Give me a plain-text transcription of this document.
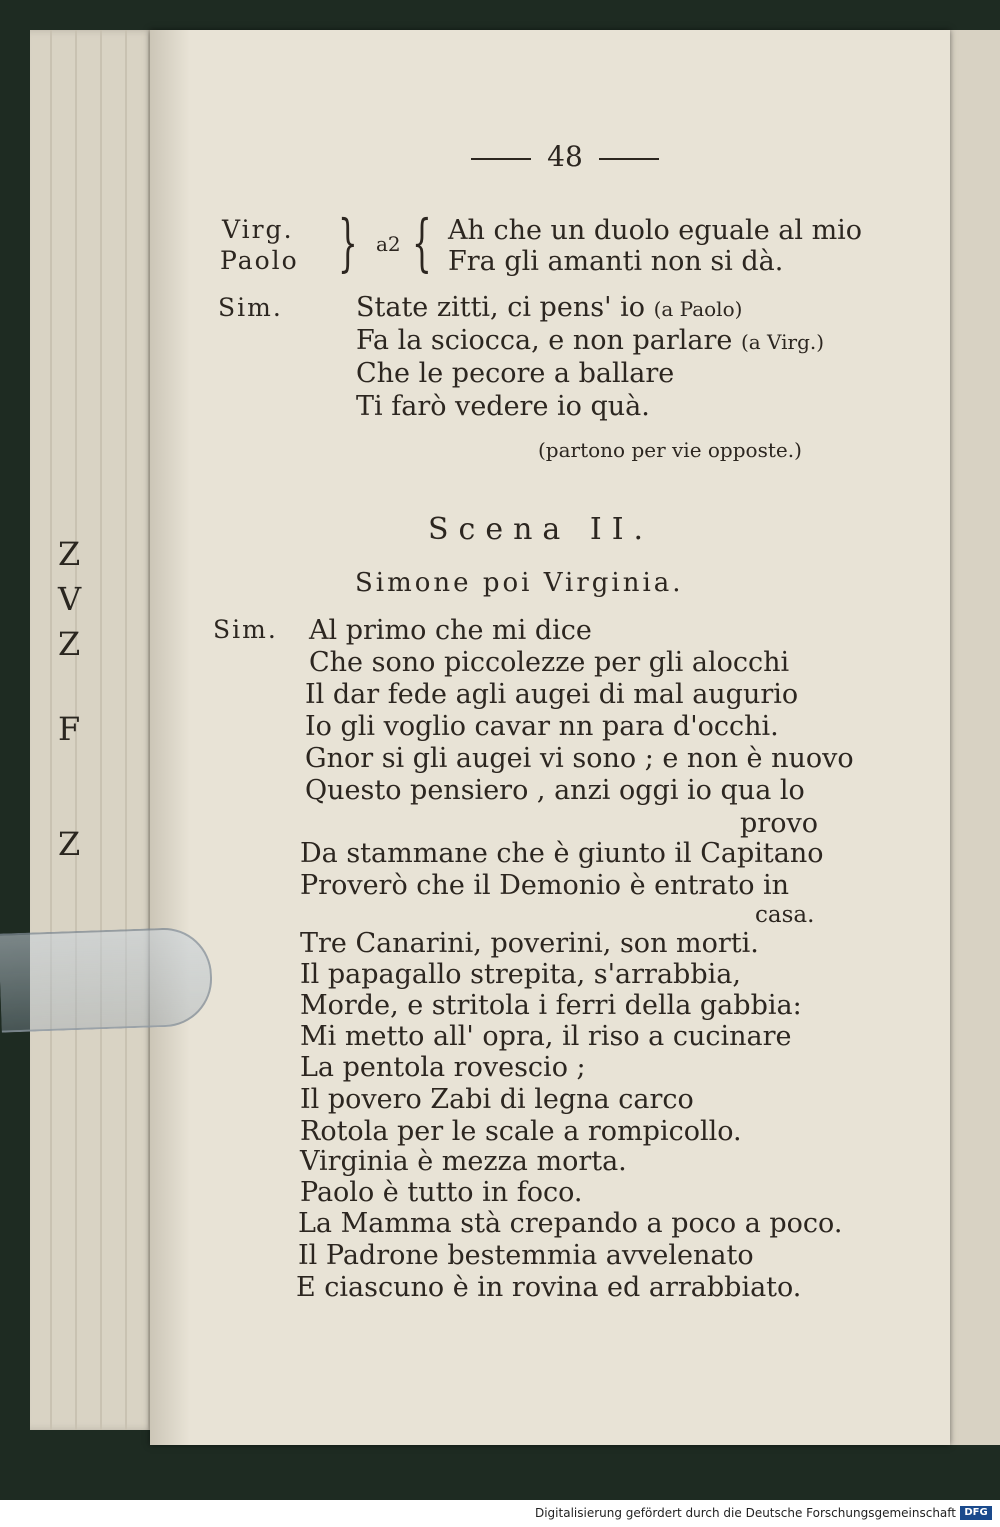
Z
V
Z
F
Z
48
Virg.
Paolo } a2 { Ah che un duolo eguale al mio
Fra gli amanti non si dà.
Sim.	State zitti, ci pens' io (a Paolo)
Fa la sciocca, e non parlare (a Virg.)
Che le pecore a ballare
Ti farò vedere io quà.
(partono per vie opposte.)
Scena II.
Simone poi Virginia.
Sim. Al primo che mi dice
Che sono piccolezze per gli alocchi
Il dar fede agli augei di mal augurio
Io gli voglio cavar nn para d'occhi.
Gnor si gli augei vi sono ; e non è nuovo
Questo pensiero , anzi oggi io qua lo
provo
Da stammane che è giunto il Capitano
Proverò che il Demonio è entrato in
casa.
Tre Canarini, poverini, son morti.
Il papagallo strepita, s'arrabbia,
Morde, e stritola i ferri della gabbia:
Mi metto all' opra, il riso a cucinare
La pentola rovescio ;
Il povero Zabi di legna carco
Rotola per le scale a rompicollo.
Virginia è mezza morta.
Paolo è tutto in foco.
La Mamma stà crepando a poco a poco.
Il Padrone bestemmia avvelenato
E ciascuno è in rovina ed arrabbiato.
Digitalisierung gefördert durch die Deutsche Forschungsgemeinschaft DFG
